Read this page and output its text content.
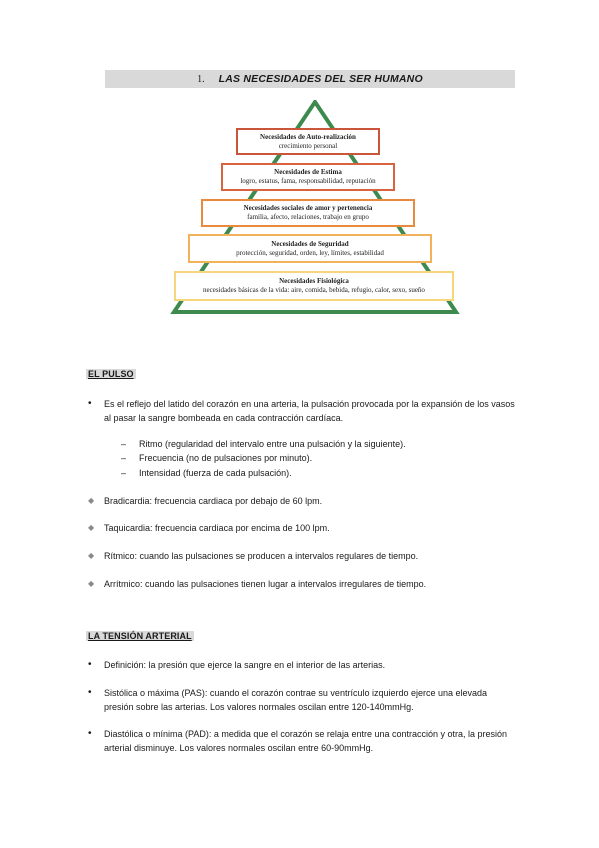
1. LAS NECESIDADES DEL SER HUMANO
Necesidades de Auto-realización
crecimiento personal
Necesidades de Estima
logro, estatus, fama, responsabilidad, reputación
Necesidades sociales de amor y pertenencia
familia, afecto, relaciones, trabajo en grupo
Necesidades de Seguridad
protección, seguridad, orden, ley, límites, estabilidad
Necesidades Fisiológica
necesidades básicas de la vida: aire, comida, bebida, refugio, calor, sexo, sueño
EL PULSO
•	Es el reflejo del latido del corazón en una arteria, la pulsación provocada por la expansión de los vasos al pasar la sangre bombeada en cada contracción cardíaca.
– Ritmo (regularidad del intervalo entre una pulsación y la siguiente).
– Frecuencia (no de pulsaciones por minuto).
– Intensidad (fuerza de cada pulsación).
◆	Bradicardia: frecuencia cardiaca por debajo de 60 lpm.
◆	Taquicardia: frecuencia cardiaca por encima de 100 lpm.
◆	Rítmico: cuando las pulsaciones se producen a intervalos regulares de tiempo.
◆	Arrítmico: cuando las pulsaciones tienen lugar a intervalos irregulares de tiempo.
LA TENSIÓN ARTERIAL
•	Definición: la presión que ejerce la sangre en el interior de las arterias.
•	Sistólica o máxima (PAS): cuando el corazón contrae su ventrículo izquierdo ejerce una elevada presión sobre las arterias. Los valores normales oscilan entre 120-140mmHg.
•	Diastólica o mínima (PAD): a medida que el corazón se relaja entre una contracción y otra, la presión arterial disminuye. Los valores normales oscilan entre 60-90mmHg.
